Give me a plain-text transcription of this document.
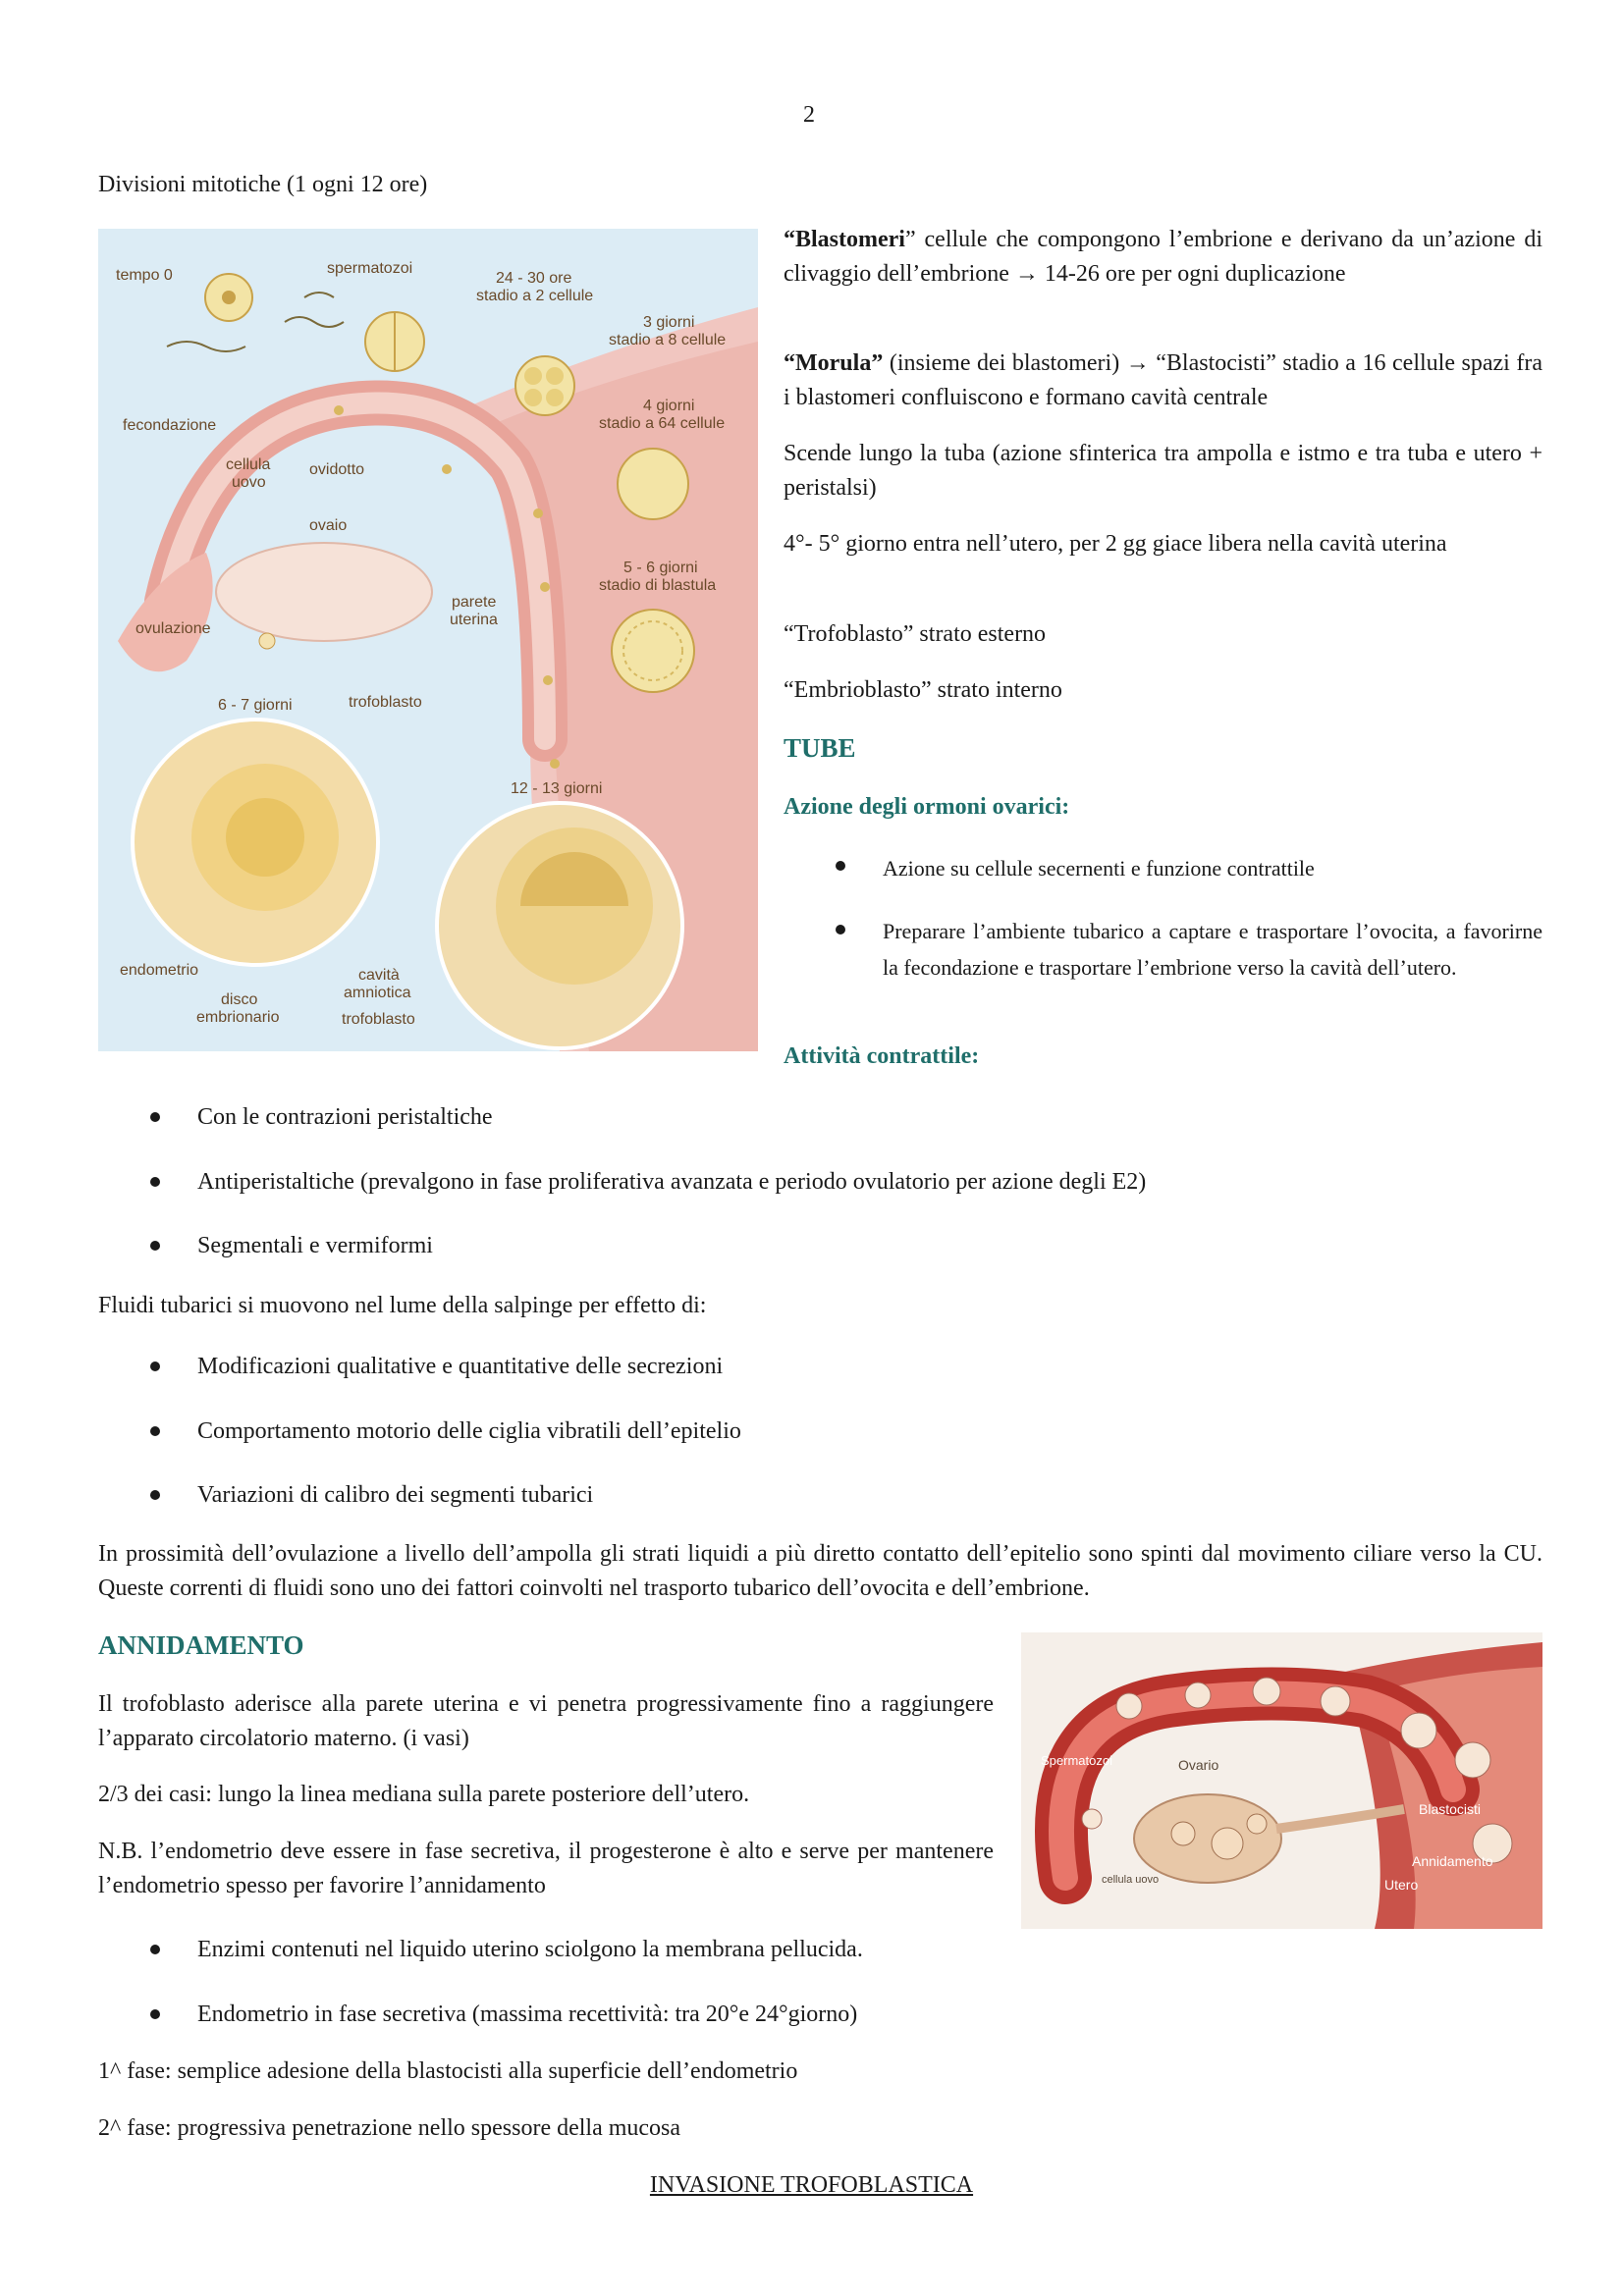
2
Divisioni mitotiche (1 ogni 12 ore)
tempo 0	spermatozoi
24 - 30 ore
stadio a 2 cellule
3 giorni
stadio a 8 cellule
4 giorni
stadio a 64 cellule
fecondazione
cellula
uovo
ovidotto
ovaio
5 - 6 giorni
stadio di blastula
parete
uterina
ovulazione
6 - 7 giorni	trofoblasto
12 - 13 giorni
endometrio
disco
embrionario
cavità
amniotica
trofoblasto
“Blastomeri” cellule che compongono l’embrione e derivano da un’azione di clivaggio dell’embrione → 14-26 ore per ogni duplicazione
“Morula” (insieme dei blastomeri) → “Blastocisti” stadio a 16 cellule spazi fra i blastomeri confluiscono e formano cavità centrale
Scende lungo la tuba (azione sfinterica tra ampolla e istmo e tra tuba e utero + peristalsi)
4°- 5° giorno entra nell’utero, per 2 gg giace libera nella cavità uterina
“Trofoblasto” strato esterno
“Embrioblasto” strato interno
TUBE
Azione degli ormoni ovarici:
Azione su cellule secernenti e funzione contrattile
Preparare l’ambiente tubarico a captare e trasportare l’ovocita, a favorirne la fecondazione e trasportare l’embrione verso la cavità dell’utero.
Attività contrattile:
Con le contrazioni peristaltiche
Antiperistaltiche (prevalgono in fase proliferativa avanzata e periodo ovulatorio per azione degli E2)
Segmentali e vermiformi
Fluidi tubarici si muovono nel lume della salpinge per effetto di:
Modificazioni qualitative e quantitative delle secrezioni
Comportamento motorio delle ciglia vibratili dell’epitelio
Variazioni di calibro dei segmenti tubarici
In prossimità dell’ovulazione a livello dell’ampolla gli strati liquidi a più diretto contatto dell’epitelio sono spinti dal movimento ciliare verso la CU. Queste correnti di fluidi sono uno dei fattori coinvolti nel trasporto tubarico dell’ovocita e dell’embrione.
ANNIDAMENTO
Il trofoblasto aderisce alla parete uterina e vi penetra progressivamente fino a raggiungere l’apparato circolatorio materno. (i vasi)
2/3 dei casi: lungo la linea mediana sulla parete posteriore dell’utero.
N.B. l’endometrio deve essere in fase secretiva, il progesterone è alto e serve per mantenere l’endometrio spesso per favorire l’annidamento
Spermatozoi	Ovario
Blastocisti
Annidamento
Utero
cellula uovo
Enzimi contenuti nel liquido uterino sciolgono la membrana pellucida.
Endometrio in fase secretiva (massima recettività: tra 20°e 24°giorno)
1^ fase: semplice adesione della blastocisti alla superficie dell’endometrio
2^ fase: progressiva penetrazione nello spessore della mucosa
INVASIONE TROFOBLASTICA
